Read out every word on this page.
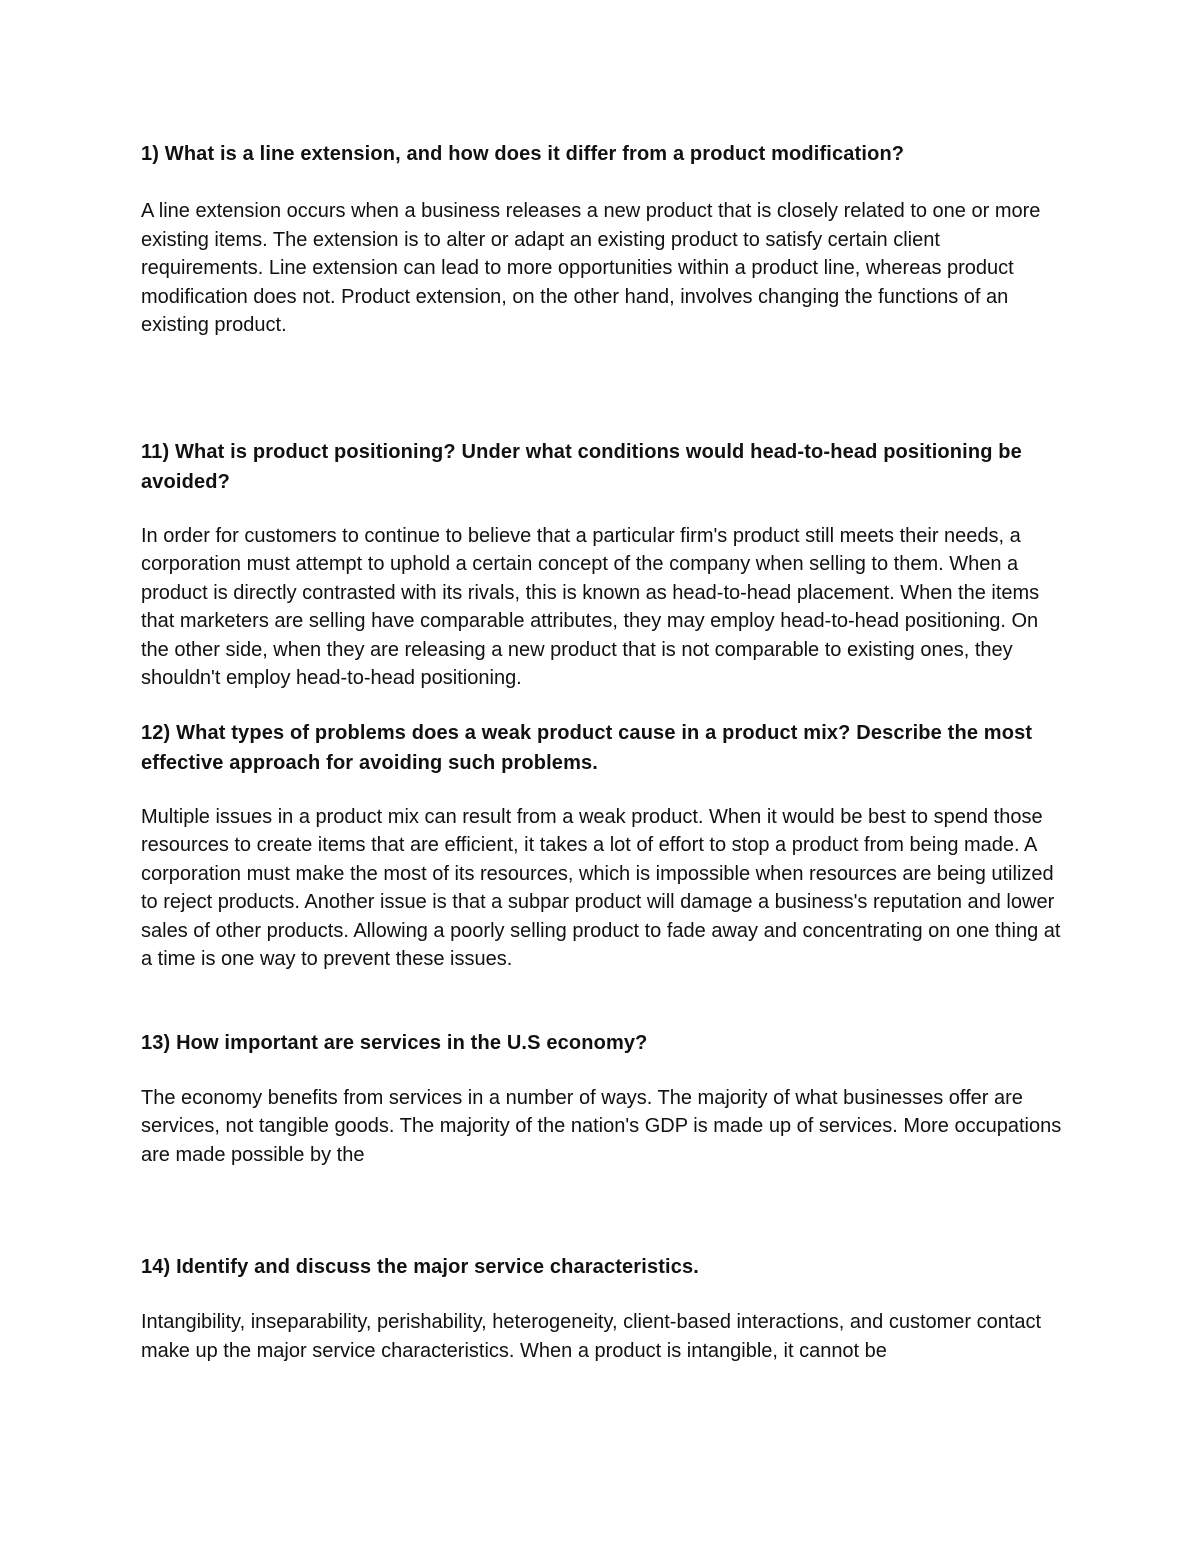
1) What is a line extension, and how does it differ from a product modification?

A line extension occurs when a business releases a new product that is closely related to one or more existing items. The extension is to alter or adapt an existing product to satisfy certain client requirements. Line extension can lead to more opportunities within a product line, whereas product modification does not. Product extension, on the other hand, involves changing the functions of an existing product.

11) What is product positioning? Under what conditions would head-to-head positioning be avoided?

In order for customers to continue to believe that a particular firm's product still meets their needs, a corporation must attempt to uphold a certain concept of the company when selling to them. When a product is directly contrasted with its rivals, this is known as head-to-head placement. When the items that marketers are selling have comparable attributes, they may employ head-to-head positioning. On the other side, when they are releasing a new product that is not comparable to existing ones, they shouldn't employ head-to-head positioning.

12) What types of problems does a weak product cause in a product mix? Describe the most effective approach for avoiding such problems.

Multiple issues in a product mix can result from a weak product. When it would be best to spend those resources to create items that are efficient, it takes a lot of effort to stop a product from being made. A corporation must make the most of its resources, which is impossible when resources are being utilized to reject products. Another issue is that a subpar product will damage a business's reputation and lower sales of other products. Allowing a poorly selling product to fade away and concentrating on one thing at a time is one way to prevent these issues.

13) How important are services in the U.S economy?

The economy benefits from services in a number of ways. The majority of what businesses offer are services, not tangible goods. The majority of the nation's GDP is made up of services. More occupations are made possible by the

14) Identify and discuss the major service characteristics.

Intangibility, inseparability, perishability, heterogeneity, client-based interactions, and customer contact make up the major service characteristics. When a product is intangible, it cannot be
